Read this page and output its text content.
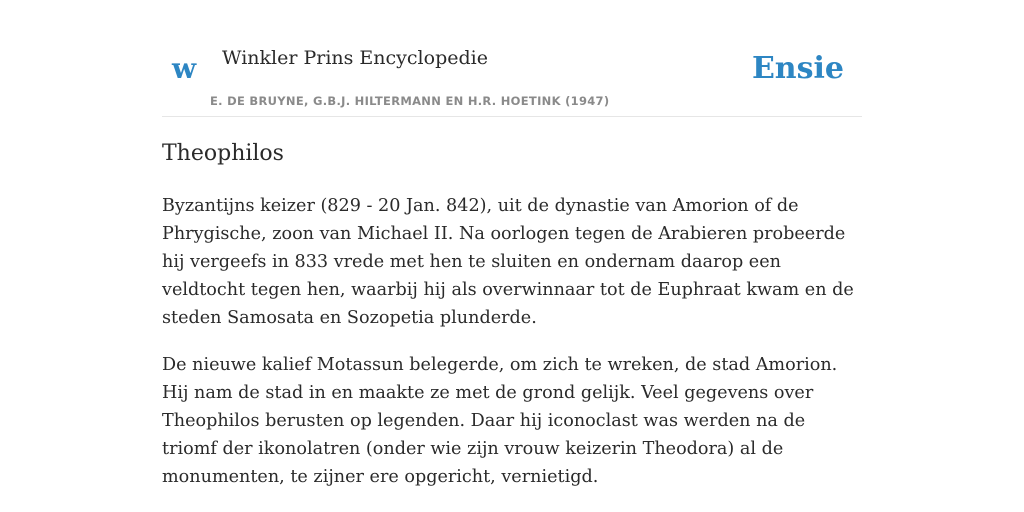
w Winkler Prins Encyclopedie
E. DE BRUYNE, G.B.J. HILTERMANN EN H.R. HOETINK (1947)
Ensie
Theophilos

Byzantijns keizer (829 - 20 Jan. 842), uit de dynastie van Amorion of de Phrygische, zoon van Michael II. Na oorlogen tegen de Arabieren probeerde hij vergeefs in 833 vrede met hen te sluiten en ondernam daarop een veldtocht tegen hen, waarbij hij als overwinnaar tot de Euphraat kwam en de steden Samosata en Sozopetia plunderde.

De nieuwe kalief Motassun belegerde, om zich te wreken, de stad Amorion. Hij nam de stad in en maakte ze met de grond gelijk. Veel gegevens over Theophilos berusten op legenden. Daar hij iconoclast was werden na de triomf der ikonolatren (onder wie zijn vrouw keizerin Theodora) al de monumenten, te zijner ere opgericht, vernietigd.
